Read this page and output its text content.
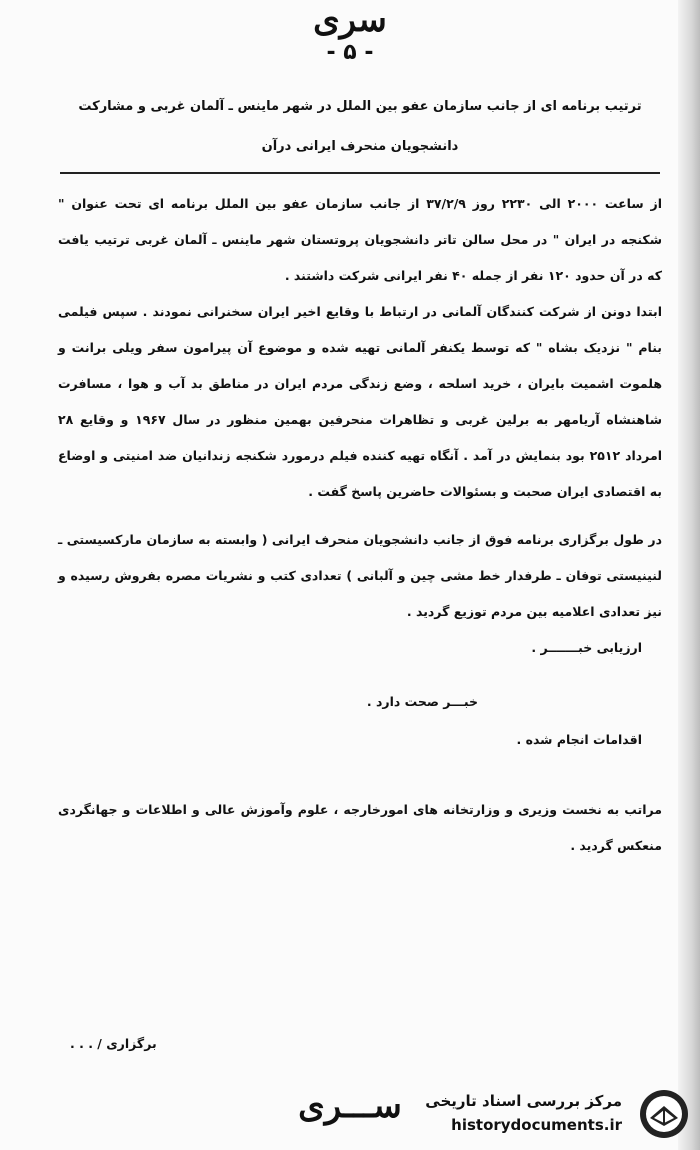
سری
- ۵ -
ترتیب برنامه ای از جانب سازمان عفو بین الملل در شهر ماینس ـ آلمان غربی و مشارکت
دانشجویان منحرف ایرانی درآن
از ساعت ۲۰۰۰ الی ۲۲۳۰ روز ۳۷/۲/۹ از جانب سازمان عفو بین الملل برنامه ای تحت عنوان " شکنجه در ایران " در محل سالن تاتر دانشجویان پروتستان شهر ماینس ـ آلمان غربی ترتیب یافت که در آن حدود ۱۲۰ نفر از جمله ۴۰ نفر ایرانی شرکت داشتند .
ابتدا دونن از شرکت کنندگان آلمانی در ارتباط با وقایع اخیر ایران سخنرانی نمودند . سپس فیلمی بنام " نزدیک بشاه " که توسط یکنفر آلمانی تهیه شده و موضوع آن پیرامون سفر ویلی برانت و هلموت اشمیت بایران ، خرید اسلحه ، وضع زندگی مردم ایران در مناطق بد آب و هوا ، مسافرت شاهنشاه آریامهر به برلین غربی و تظاهرات منحرفین بهمین منظور در سال ۱۹۶۷ و وقایع ۲۸ امرداد ۲۵۱۲ بود بنمایش در آمد . آنگاه تهیه کننده فیلم درمورد شکنجه زندانیان ضد امنیتی و اوضاع به اقتصادی ایران صحبت و بسئوالات حاضرین پاسخ گفت .
در طول برگزاری برنامه فوق از جانب دانشجویان منحرف ایرانی ( وابسته به سازمان مارکسیستی ـ لنینیستی توفان ـ طرفدار خط مشی چین و آلبانی ) تعدادی کتب و نشریات مصره بفروش رسیده و نیز تعدادی اعلامیه بین مردم توزیع گردید .
ارزیابی خبـــــــر .
خبـــر صحت دارد .
اقدامات انجام شده .
مراتب به نخست وزیری و وزارتخانه های امورخارجه ، علوم وآموزش عالی و اطلاعات و جهانگردی منعکس گردید .
برگزاری / . . .
ســـری	مرکز بررسی اسناد تاریخی
historydocuments.ir
